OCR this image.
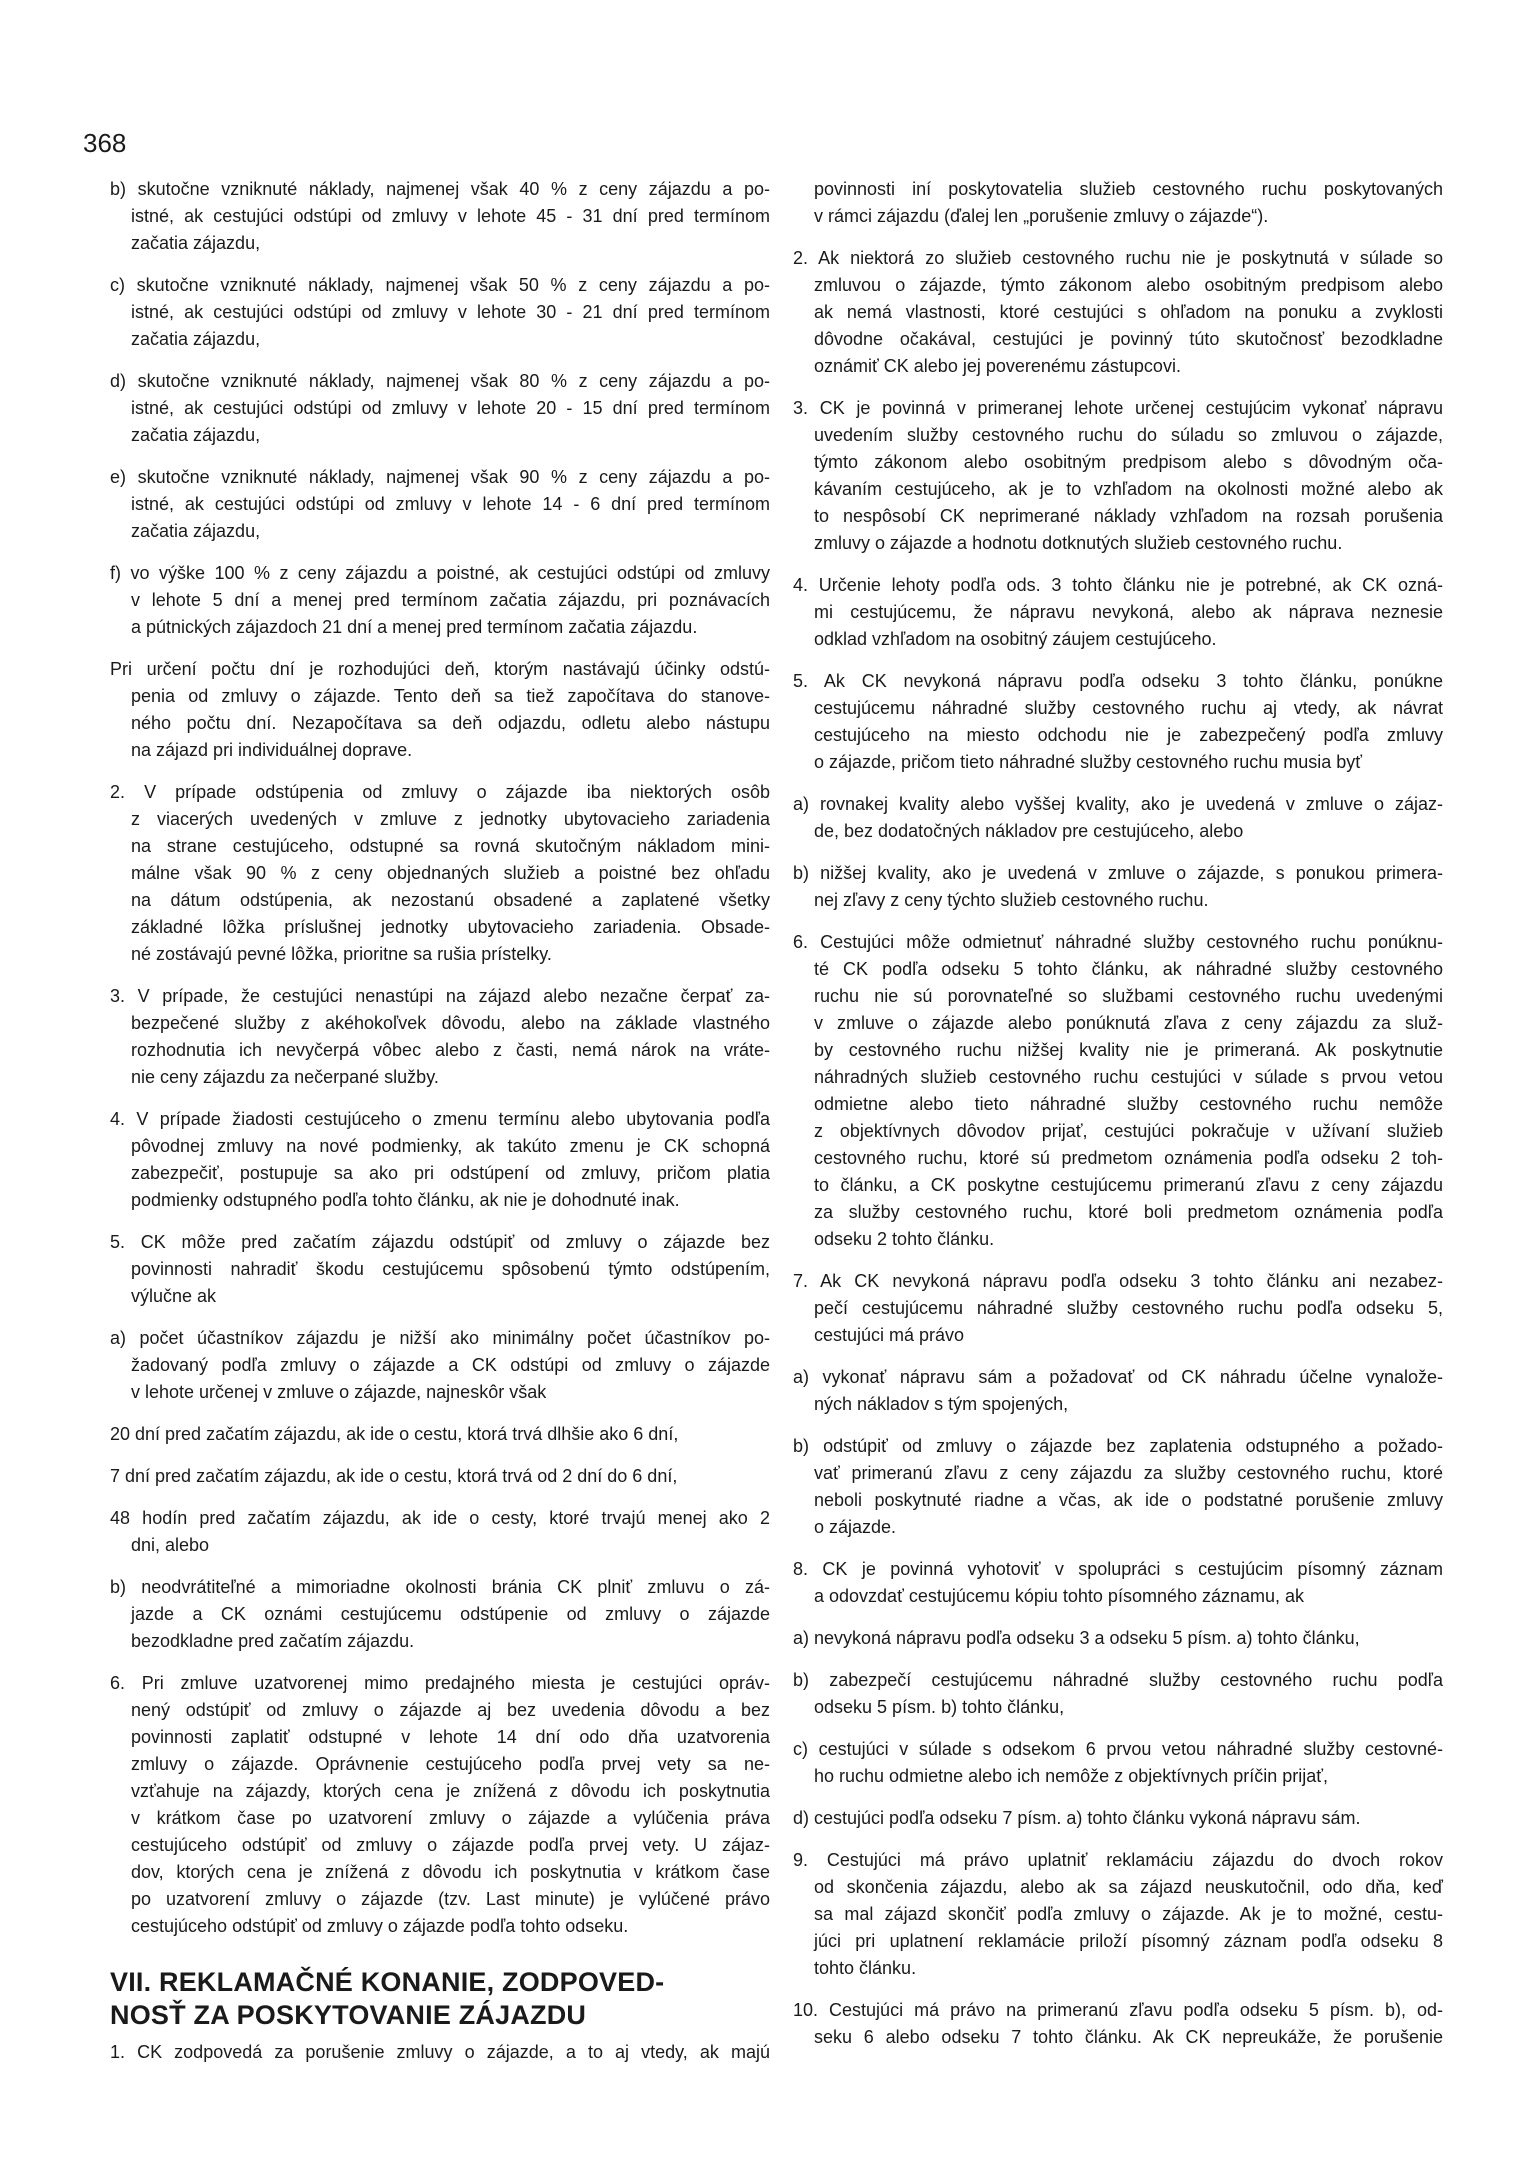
368
b) skutočne vzniknuté náklady, najmenej však 40 % z ceny zájazdu a po-
istné, ak cestujúci odstúpi od zmluvy v lehote 45 - 31 dní pred termínom
začatia zájazdu,
c) skutočne vzniknuté náklady, najmenej však 50 % z ceny zájazdu a po-
istné, ak cestujúci odstúpi od zmluvy v lehote 30 - 21 dní pred termínom
začatia zájazdu,
d) skutočne vzniknuté náklady, najmenej však 80 % z ceny zájazdu a po-
istné, ak cestujúci odstúpi od zmluvy v lehote 20 - 15 dní pred termínom
začatia zájazdu,
e) skutočne vzniknuté náklady, najmenej však 90 % z ceny zájazdu a po-
istné, ak cestujúci odstúpi od zmluvy v lehote 14 - 6 dní pred termínom
začatia zájazdu,
f) vo výške 100 % z ceny zájazdu a poistné, ak cestujúci odstúpi od zmluvy
v lehote 5 dní a menej pred termínom začatia zájazdu, pri poznávacích
a pútnických zájazdoch 21 dní a menej pred termínom začatia zájazdu.
Pri určení počtu dní je rozhodujúci deň, ktorým nastávajú účinky odstú-
penia od zmluvy o zájazde. Tento deň sa tiež započítava do stanove-
ného počtu dní. Nezapočítava sa deň odjazdu, odletu alebo nástupu
na zájazd pri individuálnej doprave.
2. V prípade odstúpenia od zmluvy o zájazde iba niektorých osôb
z viacerých uvedených v zmluve z jednotky ubytovacieho zariadenia
na strane cestujúceho, odstupné sa rovná skutočným nákladom mini-
málne však 90 % z ceny objednaných služieb a poistné bez ohľadu
na dátum odstúpenia, ak nezostanú obsadené a zaplatené všetky
základné lôžka príslušnej jednotky ubytovacieho zariadenia. Obsade-
né zostávajú pevné lôžka, prioritne sa rušia prístelky.
3. V prípade, že cestujúci nenastúpi na zájazd alebo nezačne čerpať za-
bezpečené služby z akéhokoľvek dôvodu, alebo na základe vlastného
rozhodnutia ich nevyčerpá vôbec alebo z časti, nemá nárok na vráte-
nie ceny zájazdu za nečerpané služby.
4. V prípade žiadosti cestujúceho o zmenu termínu alebo ubytovania podľa
pôvodnej zmluvy na nové podmienky, ak takúto zmenu je CK schopná
zabezpečiť, postupuje sa ako pri odstúpení od zmluvy, pričom platia
podmienky odstupného podľa tohto článku, ak nie je dohodnuté inak.
5. CK môže pred začatím zájazdu odstúpiť od zmluvy o zájazde bez
povinnosti nahradiť škodu cestujúcemu spôsobenú týmto odstúpením,
výlučne ak
a) počet účastníkov zájazdu je nižší ako minimálny počet účastníkov po-
žadovaný podľa zmluvy o zájazde a CK odstúpi od zmluvy o zájazde
v lehote určenej v zmluve o zájazde, najneskôr však
20 dní pred začatím zájazdu, ak ide o cestu, ktorá trvá dlhšie ako 6 dní,
7 dní pred začatím zájazdu, ak ide o cestu, ktorá trvá od 2 dní do 6 dní,
48 hodín pred začatím zájazdu, ak ide o cesty, ktoré trvajú menej ako 2
dni, alebo
b) neodvrátiteľné a mimoriadne okolnosti bránia CK plniť zmluvu o zá-
jazde a CK oznámi cestujúcemu odstúpenie od zmluvy o zájazde
bezodkladne pred začatím zájazdu.
6. Pri zmluve uzatvorenej mimo predajného miesta je cestujúci opráv-
nený odstúpiť od zmluvy o zájazde aj bez uvedenia dôvodu a bez
povinnosti zaplatiť odstupné v lehote 14 dní odo dňa uzatvorenia
zmluvy o zájazde. Oprávnenie cestujúceho podľa prvej vety sa ne-
vzťahuje na zájazdy, ktorých cena je znížená z dôvodu ich poskytnutia
v krátkom čase po uzatvorení zmluvy o zájazde a vylúčenia práva
cestujúceho odstúpiť od zmluvy o zájazde podľa prvej vety. U zájaz-
dov, ktorých cena je znížená z dôvodu ich poskytnutia v krátkom čase
po uzatvorení zmluvy o zájazde (tzv. Last minute) je vylúčené právo
cestujúceho odstúpiť od zmluvy o zájazde podľa tohto odseku.
VII. REKLAMAČNÉ KONANIE, ZODPOVED-
NOSŤ ZA POSKYTOVANIE ZÁJAZDU
1. CK zodpovedá za porušenie zmluvy o zájazde, a to aj vtedy, ak majú
povinnosti iní poskytovatelia služieb cestovného ruchu poskytovaných
v rámci zájazdu (ďalej len „porušenie zmluvy o zájazde“).
2. Ak niektorá zo služieb cestovného ruchu nie je poskytnutá v súlade so
zmluvou o zájazde, týmto zákonom alebo osobitným predpisom alebo
ak nemá vlastnosti, ktoré cestujúci s ohľadom na ponuku a zvyklosti
dôvodne očakával, cestujúci je povinný túto skutočnosť bezodkladne
oznámiť CK alebo jej poverenému zástupcovi.
3. CK je povinná v primeranej lehote určenej cestujúcim vykonať nápravu
uvedením služby cestovného ruchu do súladu so zmluvou o zájazde,
týmto zákonom alebo osobitným predpisom alebo s dôvodným oča-
kávaním cestujúceho, ak je to vzhľadom na okolnosti možné alebo ak
to nespôsobí CK neprimerané náklady vzhľadom na rozsah porušenia
zmluvy o zájazde a hodnotu dotknutých služieb cestovného ruchu.
4. Určenie lehoty podľa ods. 3 tohto článku nie je potrebné, ak CK ozná-
mi cestujúcemu, že nápravu nevykoná, alebo ak náprava neznesie
odklad vzhľadom na osobitný záujem cestujúceho.
5. Ak CK nevykoná nápravu podľa odseku 3 tohto článku, ponúkne
cestujúcemu náhradné služby cestovného ruchu aj vtedy, ak návrat
cestujúceho na miesto odchodu nie je zabezpečený podľa zmluvy
o zájazde, pričom tieto náhradné služby cestovného ruchu musia byť
a) rovnakej kvality alebo vyššej kvality, ako je uvedená v zmluve o zájaz-
de, bez dodatočných nákladov pre cestujúceho, alebo
b) nižšej kvality, ako je uvedená v zmluve o zájazde, s ponukou primera-
nej zľavy z ceny týchto služieb cestovného ruchu.
6. Cestujúci môže odmietnuť náhradné služby cestovného ruchu ponúknu-
té CK podľa odseku 5 tohto článku, ak náhradné služby cestovného
ruchu nie sú porovnateľné so službami cestovného ruchu uvedenými
v zmluve o zájazde alebo ponúknutá zľava z ceny zájazdu za služ-
by cestovného ruchu nižšej kvality nie je primeraná. Ak poskytnutie
náhradných služieb cestovného ruchu cestujúci v súlade s prvou vetou
odmietne alebo tieto náhradné služby cestovného ruchu nemôže
z objektívnych dôvodov prijať, cestujúci pokračuje v užívaní služieb
cestovného ruchu, ktoré sú predmetom oznámenia podľa odseku 2 toh-
to článku, a CK poskytne cestujúcemu primeranú zľavu z ceny zájazdu
za služby cestovného ruchu, ktoré boli predmetom oznámenia podľa
odseku 2 tohto článku.
7. Ak CK nevykoná nápravu podľa odseku 3 tohto článku ani nezabez-
pečí cestujúcemu náhradné služby cestovného ruchu podľa odseku 5,
cestujúci má právo
a) vykonať nápravu sám a požadovať od CK náhradu účelne vynalože-
ných nákladov s tým spojených,
b) odstúpiť od zmluvy o zájazde bez zaplatenia odstupného a požado-
vať primeranú zľavu z ceny zájazdu za služby cestovného ruchu, ktoré
neboli poskytnuté riadne a včas, ak ide o podstatné porušenie zmluvy
o zájazde.
8. CK je povinná vyhotoviť v spolupráci s cestujúcim písomný záznam
a odovzdať cestujúcemu kópiu tohto písomného záznamu, ak
a) nevykoná nápravu podľa odseku 3 a odseku 5 písm. a) tohto článku,
b) zabezpečí cestujúcemu náhradné služby cestovného ruchu podľa
odseku 5 písm. b) tohto článku,
c) cestujúci v súlade s odsekom 6 prvou vetou náhradné služby cestovné-
ho ruchu odmietne alebo ich nemôže z objektívnych príčin prijať,
d) cestujúci podľa odseku 7 písm. a) tohto článku vykoná nápravu sám.
9. Cestujúci má právo uplatniť reklamáciu zájazdu do dvoch rokov
od skončenia zájazdu, alebo ak sa zájazd neuskutočnil, odo dňa, keď
sa mal zájazd skončiť podľa zmluvy o zájazde. Ak je to možné, cestu-
júci pri uplatnení reklamácie priloží písomný záznam podľa odseku 8
tohto článku.
10. Cestujúci má právo na primeranú zľavu podľa odseku 5 písm. b), od-
seku 6 alebo odseku 7 tohto článku. Ak CK nepreukáže, že porušenie
